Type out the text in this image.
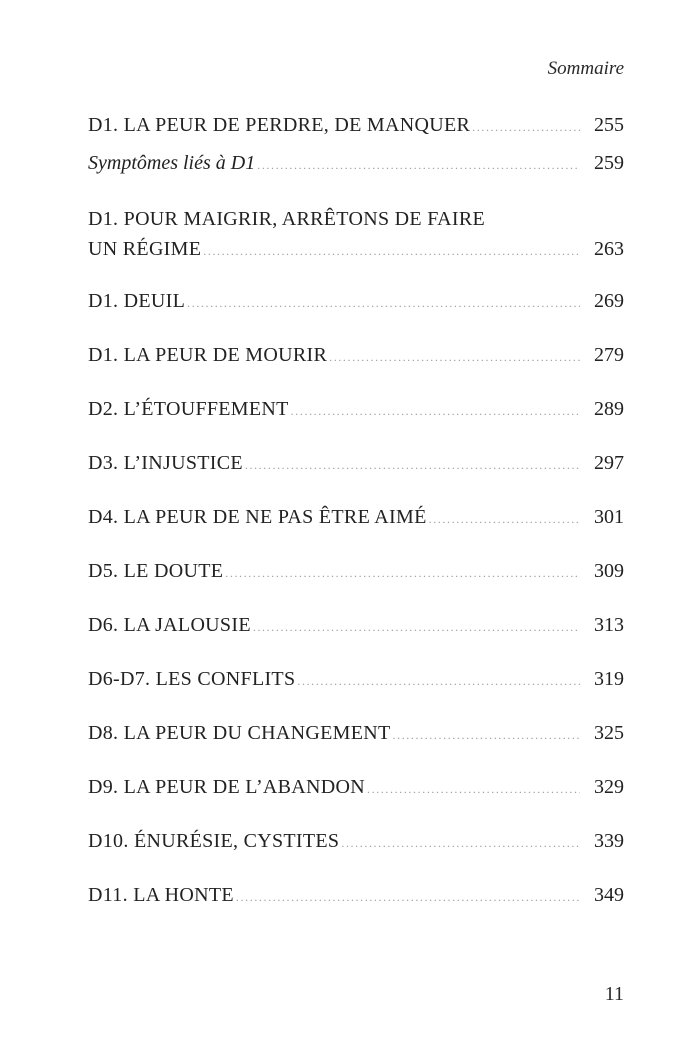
Sommaire
D1. LA PEUR DE PERDRE, DE MANQUER .....	255
Symptômes liés à D1 .....	259
D1. POUR MAIGRIR, ARRÊTONS DE FAIRE
UN RÉGIME .....	263
D1. DEUIL .....	269
D1. LA PEUR DE MOURIR .....	279
D2. L’ÉTOUFFEMENT .....	289
D3. L’INJUSTICE .....	297
D4. LA PEUR DE NE PAS ÊTRE AIMÉ .....	301
D5. LE DOUTE .....	309
D6. LA JALOUSIE .....	313
D6-D7. LES CONFLITS .....	319
D8. LA PEUR DU CHANGEMENT .....	325
D9. LA PEUR DE L’ABANDON .....	329
D10. ÉNURÉSIE, CYSTITES .....	339
D11. LA HONTE .....	349
11
